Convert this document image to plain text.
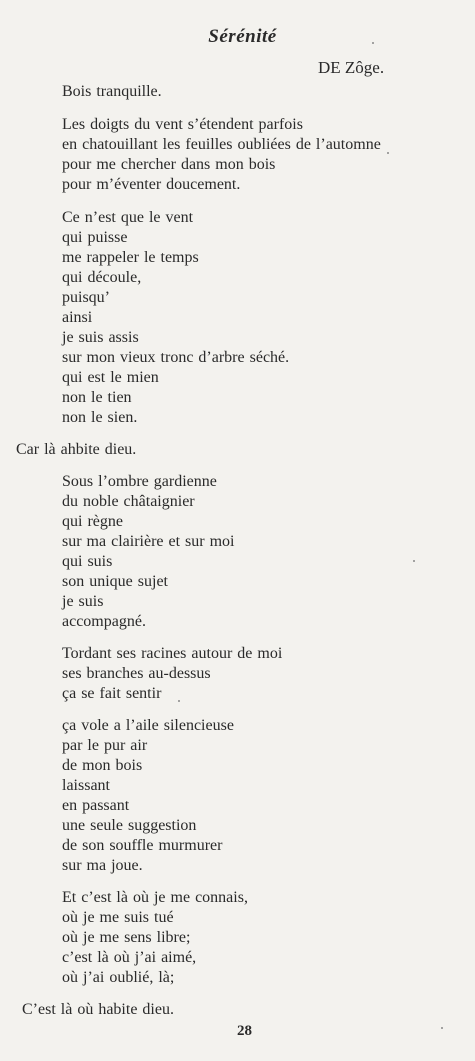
Sérénité
DE Zôge.
Bois tranquille.
Les doigts du vent s’étendent parfois
en chatouillant les feuilles oubliées de l’automne
pour me chercher dans mon bois
pour m’éventer doucement.
Ce n’est que le vent
qui puisse
me rappeler le temps
qui découle,
puisqu’
ainsi
je suis assis
sur mon vieux tronc d’arbre séché.
qui est le mien
non le tien
non le sien.
Car là ahbite dieu.
Sous l’ombre gardienne
du noble châtaignier
qui règne
sur ma clairière et sur moi
qui suis
son unique sujet
je suis
accompagné.
Tordant ses racines autour de moi
ses branches au-dessus
ça se fait sentir
ça vole a l’aile silencieuse
par le pur air
de mon bois
laissant
en passant
une seule suggestion
de son souffle murmurer
sur ma joue.
Et c’est là où je me connais,
où je me suis tué
où je me sens libre;
c’est là où j’ai aimé,
où j’ai oublié, là;
C’est là où habite dieu.
28
